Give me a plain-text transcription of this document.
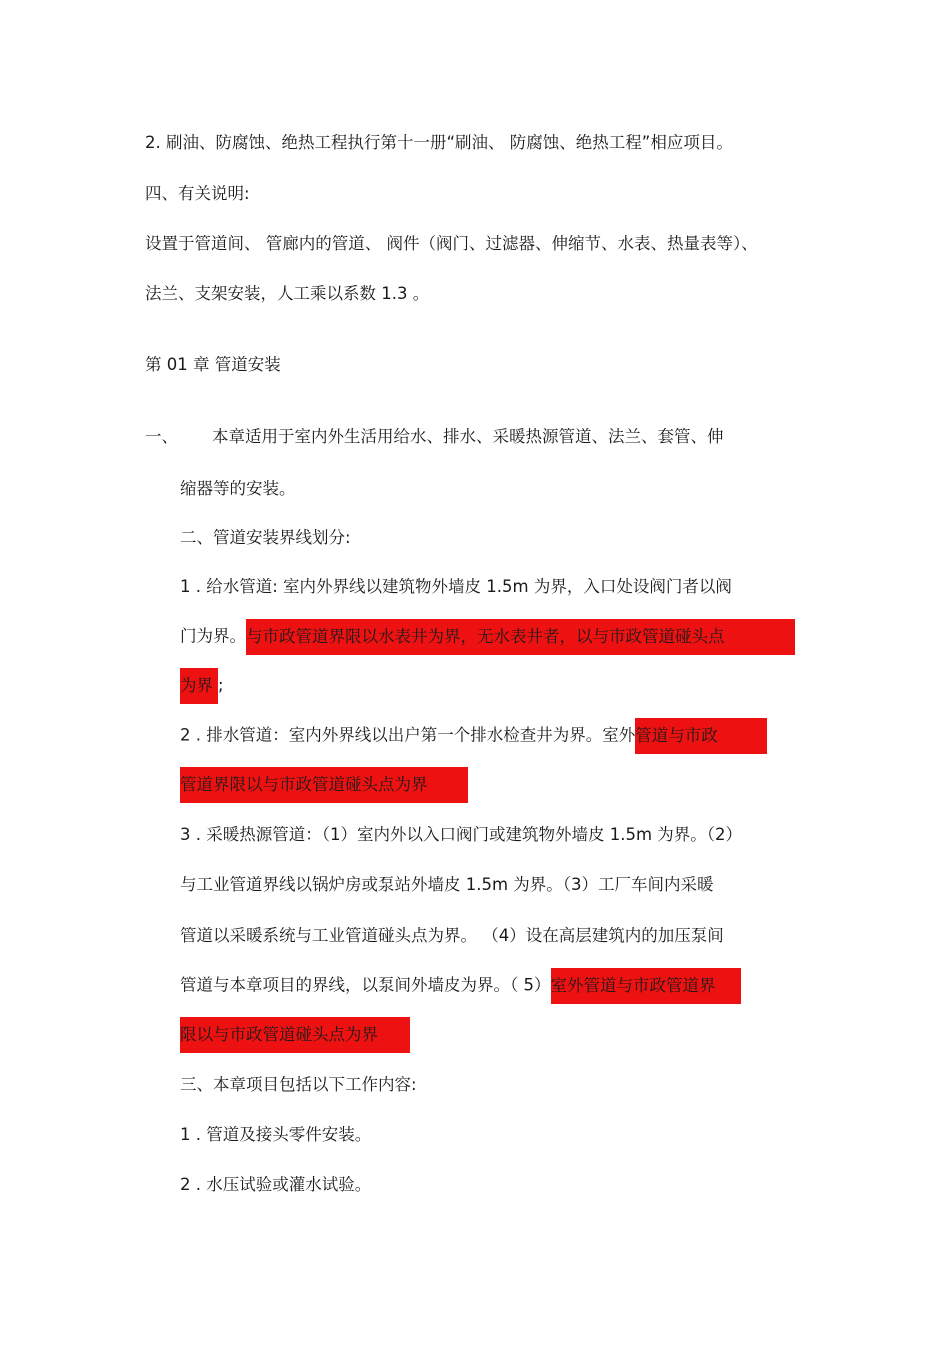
2. 刷油、防腐蚀、绝热工程执行第十一册“刷油、 防腐蚀、绝热工程”相应项目。
四、有关说明:
设置于管道间、 管廊内的管道、 阀件（阀门、过滤器、伸缩节、水表、热量表等）、
法兰、支架安装，人工乘以系数 1.3 。
第 01 章 管道安装
一、 本章适用于室内外生活用给水、排水、采暖热源管道、法兰、套管、伸
缩器等的安装。
二、管道安装界线划分:
1 . 给水管道: 室内外界线以建筑物外墙皮 1.5m 为界，入口处设阀门者以阀
门为界。与市政管道界限以水表井为界，无水表井者，以与市政管道碰头点
为界 ;
2 . 排水管道：室内外界线以出户第一个排水检查井为界。室外管道与市政
管道界限以与市政管道碰头点为界
3 . 采暖热源管道：（1）室内外以入口阀门或建筑物外墙皮 1.5m 为界。（2）
与工业管道界线以锅炉房或泵站外墙皮 1.5m 为界。（3）工厂车间内采暖
管道以采暖系统与工业管道碰头点为界。 （4）设在高层建筑内的加压泵间
管道与本章项目的界线，以泵间外墙皮为界。（ 5）室外管道与市政管道界
限以与市政管道碰头点为界
三、本章项目包括以下工作内容:
1 . 管道及接头零件安装。
2 . 水压试验或灌水试验。
